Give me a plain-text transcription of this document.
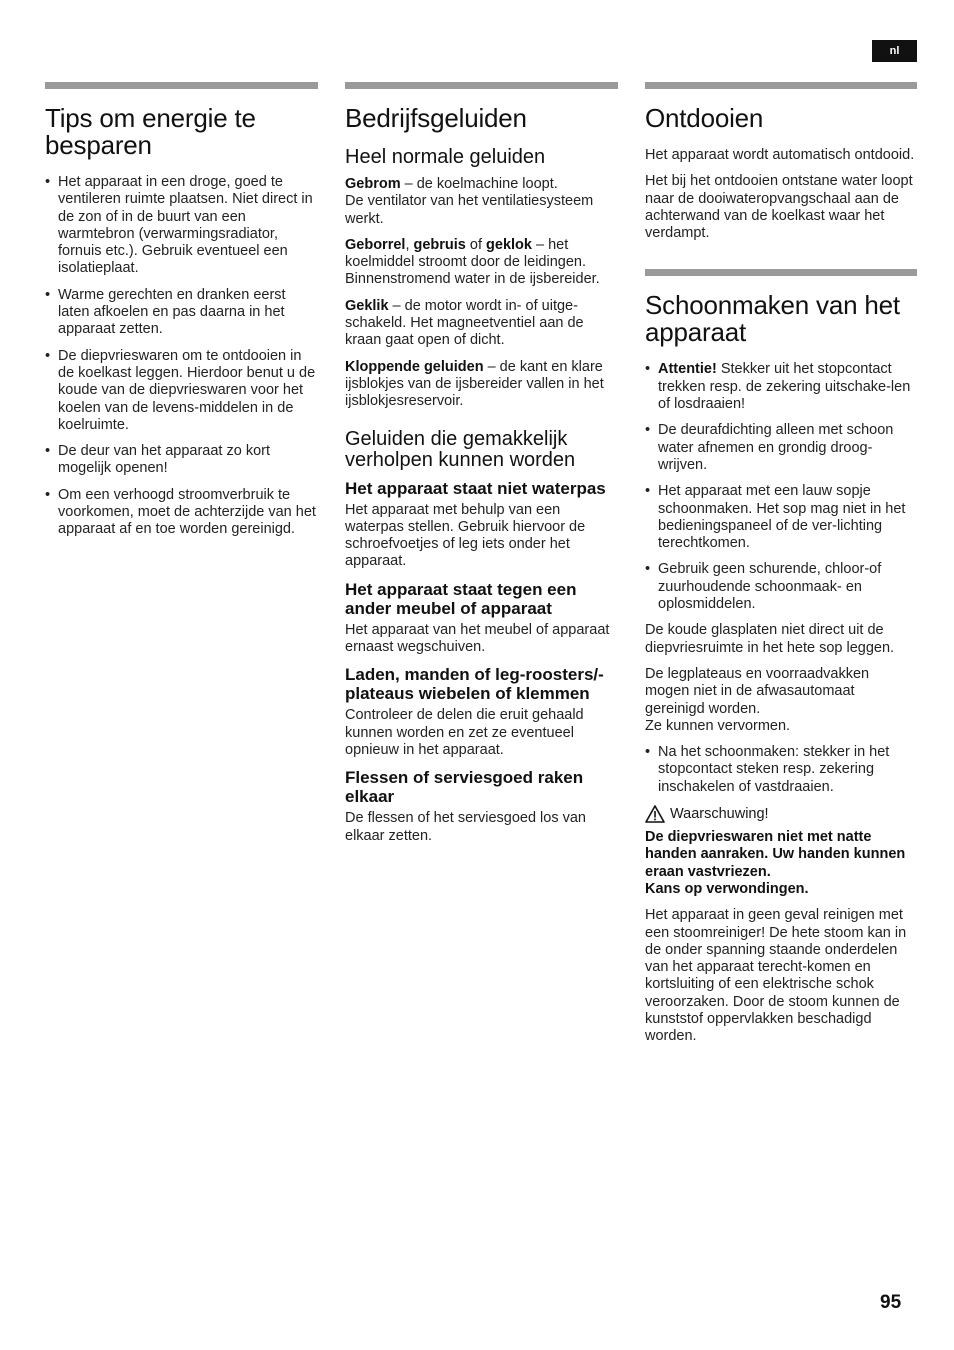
nl
Tips om energie te besparen
• Het apparaat in een droge, goed te ventileren ruimte plaatsen. Niet direct in de zon of in de buurt van een warmtebron (verwarmingsradiator, fornuis etc.). Gebruik eventueel een isolatieplaat.
• Warme gerechten en dranken eerst laten afkoelen en pas daarna in het apparaat zetten.
• De diepvrieswaren om te ontdooien in de koelkast leggen. Hierdoor benut u de koude van de diepvrieswaren voor het koelen van de levens-middelen in de koelruimte.
• De deur van het apparaat zo kort mogelijk openen!
• Om een verhoogd stroomverbruik te voorkomen, moet de achterzijde van het apparaat af en toe worden gereinigd.
Bedrijfsgeluiden
Heel normale geluiden

Gebrom – de koelmachine loopt.
De ventilator van het ventilatiesysteem werkt.

Geborrel, gebruis of geklok – het koelmiddel stroomt door de leidingen. Binnenstromend water in de ijsbereider.

Geklik – de motor wordt in- of uitge-schakeld. Het magneetventiel aan de kraan gaat open of dicht.

Kloppende geluiden – de kant en klare ijsblokjes van de ijsbereider vallen in het ijsblokjesreservoir.

Geluiden die gemakkelijk verholpen kunnen worden
Het apparaat staat niet waterpas

Het apparaat met behulp van een waterpas stellen. Gebruik hiervoor de schroefvoetjes of leg iets onder het apparaat.

Het apparaat staat tegen een ander meubel of apparaat

Het apparaat van het meubel of apparaat ernaast wegschuiven.

Laden, manden of leg-roosters/-plateaus wiebelen of klemmen

Controleer de delen die eruit gehaald kunnen worden en zet ze eventueel opnieuw in het apparaat.

Flessen of serviesgoed raken elkaar

De flessen of het serviesgoed los van elkaar zetten.

Ontdooien

Het apparaat wordt automatisch ontdooid.

Het bij het ontdooien ontstane water loopt naar de dooiwateropvangschaal aan de achterwand van de koelkast waar het verdampt.

Schoonmaken van het apparaat
• Attentie! Stekker uit het stopcontact trekken resp. de zekering uitschake-len of losdraaien!
• De deurafdichting alleen met schoon water afnemen en grondig droog-wrijven.
• Het apparaat met een lauw sopje schoonmaken. Het sop mag niet in het bedieningspaneel of de ver-lichting terechtkomen.
• Gebruik geen schurende, chloor-of zuurhoudende schoonmaak- en oplosmiddelen.

De koude glasplaten niet direct uit de diepvriesruimte in het hete sop leggen.

De legplateaus en voorraadvakken mogen niet in de afwasautomaat gereinigd worden.
Ze kunnen vervormen.

• Na het schoonmaken: stekker in het stopcontact steken resp. zekering inschakelen of vastdraaien.
Waarschuwing!

De diepvrieswaren niet met natte handen aanraken. Uw handen kunnen eraan vastvriezen.
Kans op verwondingen.

Het apparaat in geen geval reinigen met een stoomreiniger! De hete stoom kan in de onder spanning staande onderdelen van het apparaat terecht-komen en kortsluiting of een elektrische schok veroorzaken. Door de stoom kunnen de kunststof oppervlakken beschadigd worden.

95
